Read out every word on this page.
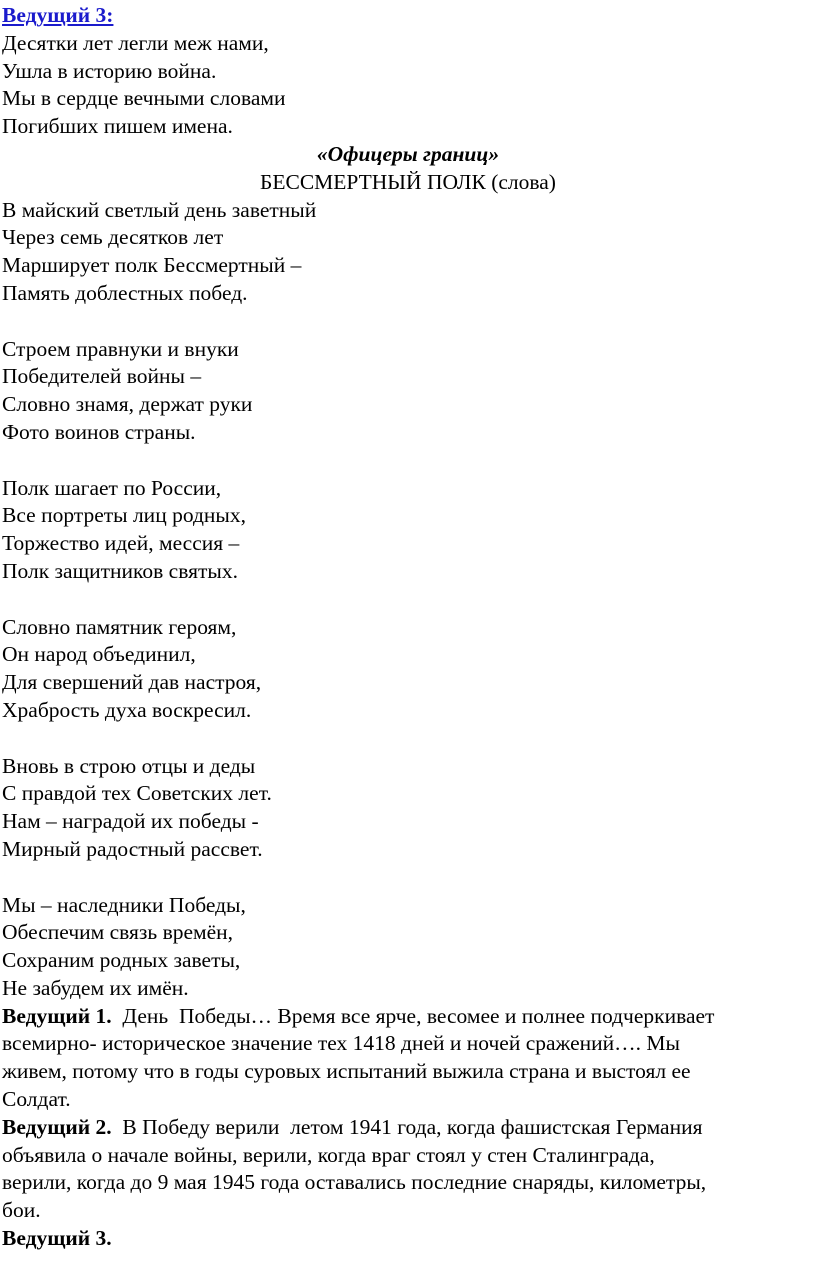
Ведущий 3:
Десятки лет легли меж нами,
Ушла в историю война.
Мы в сердце вечными словами
Погибших пишем имена.
«Офицеры границ»
БЕССМЕРТНЫЙ ПОЛК (слова)
В майский светлый день заветный
Через семь десятков лет
Марширует полк Бессмертный –
Память доблестных побед.
Строем правнуки и внуки
Победителей войны –
Словно знамя, держат руки
Фото воинов страны.
Полк шагает по России,
Все портреты лиц родных,
Торжество идей, мессия –
Полк защитников святых.
Словно памятник героям,
Он народ объединил,
Для свершений дав настроя,
Храбрость духа воскресил.
Вновь в строю отцы и деды
С правдой тех Советских лет.
Нам – наградой их победы -
Мирный радостный рассвет.
Мы – наследники Победы,
Обеспечим связь времён,
Сохраним родных заветы,
Не забудем их имён.
Ведущий 1.  День  Победы… Время все ярче, весомее и полнее подчеркивает
всемирно- историческое значение тех 1418 дней и ночей сражений…. Мы
живем, потому что в годы суровых испытаний выжила страна и выстоял ее
Солдат.
Ведущий 2.  В Победу верили  летом 1941 года, когда фашистская Германия
объявила о начале войны, верили, когда враг стоял у стен Сталинграда,
верили, когда до 9 мая 1945 года оставались последние снаряды, километры,
бои.
Ведущий 3.
